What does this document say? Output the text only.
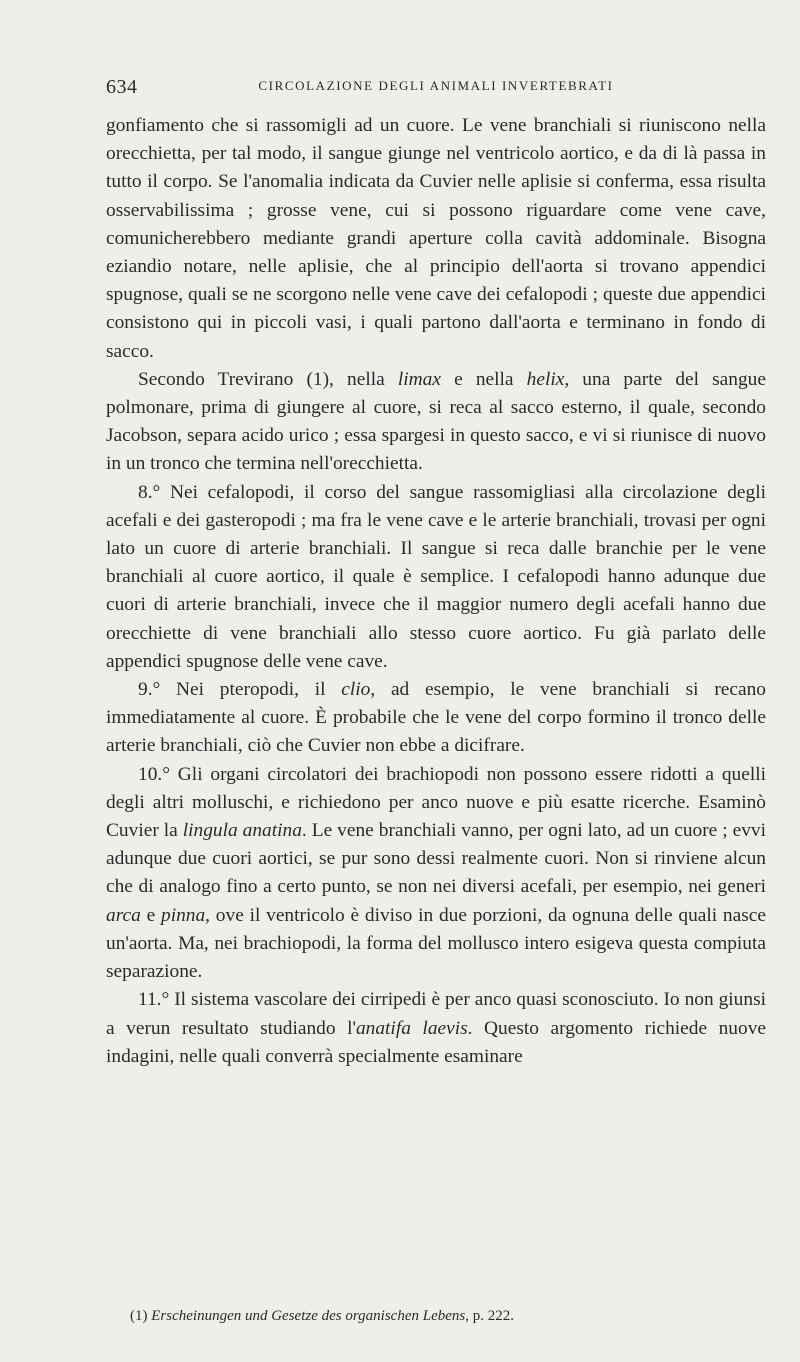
634	CIRCOLAZIONE DEGLI ANIMALI INVERTEBRATI

gonfiamento che si rassomigli ad un cuore. Le vene branchiali si riuniscono nella orecchietta, per tal modo, il sangue giunge nel ventricolo aortico, e da di là passa in tutto il corpo. Se l'anomalia indicata da Cuvier nelle aplisie si conferma, essa risulta osservabilissima ; grosse vene, cui si possono riguardare come vene cave, comunicherebbero mediante grandi aperture colla cavità addominale. Bisogna eziandio notare, nelle aplisie, che al principio dell'aorta si trovano appendici spugnose, quali se ne scorgono nelle vene cave dei cefalopodi ; queste due appendici consistono qui in piccoli vasi, i quali partono dall'aorta e terminano in fondo di sacco.

Secondo Treviranо (1), nella limax e nella helix, una parte del sangue polmonare, prima di giungere al cuore, si reca al sacco esterno, il quale, secondo Jacobson, separa acido urico ; essa spargesi in questo sacco, e vi si riunisce di nuovo in un tronco che termina nell'orecchietta.

8.° Nei cefalopodi, il corso del sangue rassomigliasi alla circolazione degli acefali e dei gasteropodi ; ma fra le vene cave e le arterie branchiali, trovasi per ogni lato un cuore di arterie branchiali. Il sangue si reca dalle branchie per le vene branchiali al cuore aortico, il quale è semplice. I cefalopodi hanno adunque due cuori di arterie branchiali, invece che il maggior numero degli acefali hanno due orecchiette di vene branchiali allo stesso cuore aortico. Fu già parlato delle appendici spugnose delle vene cave.

9.° Nei pteropodi, il clio, ad esempio, le vene branchiali si recano immediatamente al cuore. È probabile che le vene del corpo formino il tronco delle arterie branchiali, ciò che Cuvier non ebbe a dicifrare.

10.° Gli organi circolatori dei brachiopodi non possono essere ridotti a quelli degli altri molluschi, e richiedono per anco nuove e più esatte ricerche. Esaminò Cuvier la lingula anatina. Le vene branchiali vanno, per ogni lato, ad un cuore ; evvi adunque due cuori aortici, se pur sono dessi realmente cuori. Non si rinviene alcun che di analogo fino a certo punto, se non nei diversi acefali, per esempio, nei generi arca e pinna, ove il ventricolo è diviso in due porzioni, da ognuna delle quali nasce un'aorta. Ma, nei brachiopodi, la forma del mollusco intero esigeva questa compiuta separazione.

11.° Il sistema vascolare dei cirripedi è per anco quasi sconosciuto. Io non giunsi a verun resultato studiando l'anatifa laevis. Questo argomento richiede nuove indagini, nelle quali converrà specialmente esaminare

(1) Erscheinungen und Gesetze des organischen Lebens, p. 222.
